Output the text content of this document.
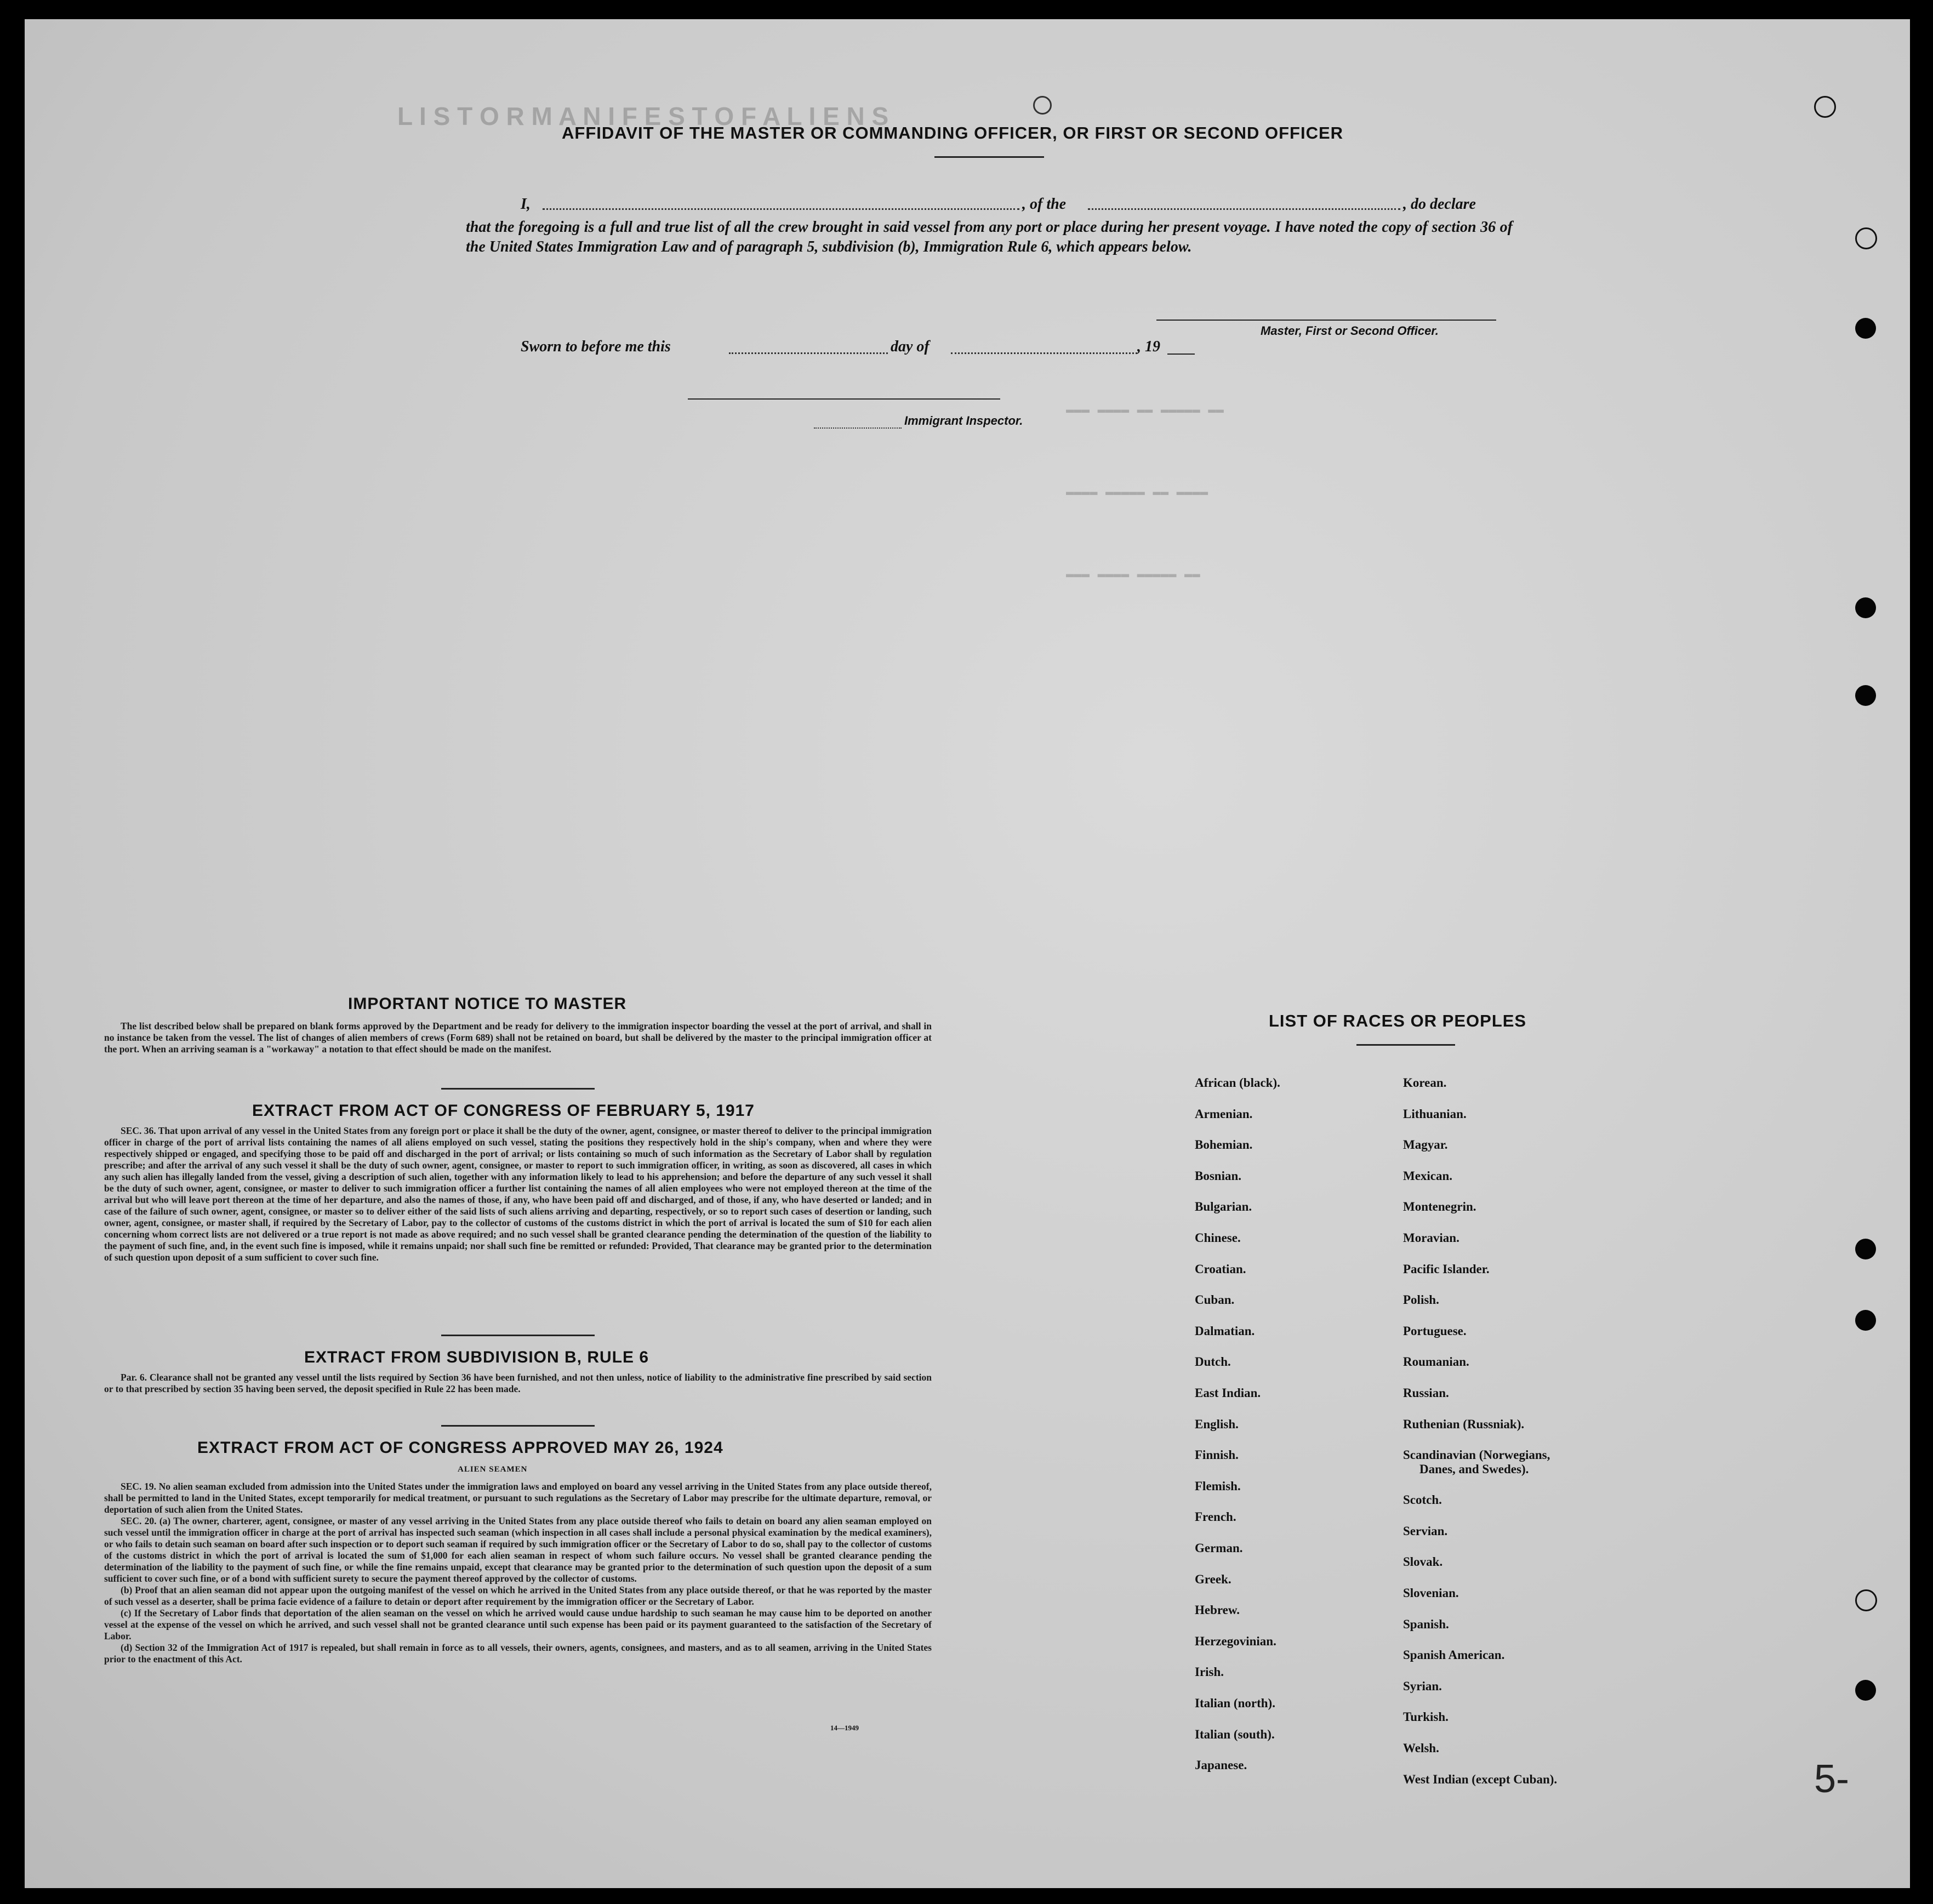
L I S T O R M A N I F E S T O F A L I E N S
▬▬▬ ▬▬▬▬ ▬▬ ▬▬▬▬▬ ▬▬
▬▬▬▬ ▬▬▬▬▬ ▬▬ ▬▬▬▬
▬▬▬ ▬▬▬▬ ▬▬▬▬▬ ▬▬
AFFIDAVIT OF THE MASTER OR COMMANDING OFFICER, OR FIRST OR SECOND OFFICER
I,	, of the	, do declare
that the foregoing is a full and true list of all the crew brought in said vessel from any port or place during her present voyage. I have noted the copy of section 36 of the United States Immigration Law and of paragraph 5, subdivision (b), Immigration Rule 6, which appears below.
Master, First or Second Officer.
Sworn to before me this	day of	, 19
Immigrant Inspector.
IMPORTANT NOTICE TO MASTER

The list described below shall be prepared on blank forms approved by the Department and be ready for delivery to the immigration inspector boarding the vessel at the port of arrival, and shall in no instance be taken from the vessel. The list of changes of alien members of crews (Form 689) shall not be retained on board, but shall be delivered by the master to the principal immigration officer at the port. When an arriving seaman is a "workaway" a notation to that effect should be made on the manifest.

EXTRACT FROM ACT OF CONGRESS OF FEBRUARY 5, 1917

SEC. 36. That upon arrival of any vessel in the United States from any foreign port or place it shall be the duty of the owner, agent, consignee, or master thereof to deliver to the principal immigration officer in charge of the port of arrival lists containing the names of all aliens employed on such vessel, stating the positions they respectively hold in the ship's company, when and where they were respectively shipped or engaged, and specifying those to be paid off and discharged in the port of arrival; or lists containing so much of such information as the Secretary of Labor shall by regulation prescribe; and after the arrival of any such vessel it shall be the duty of such owner, agent, consignee, or master to report to such immigration officer, in writing, as soon as discovered, all cases in which any such alien has illegally landed from the vessel, giving a description of such alien, together with any information likely to lead to his apprehension; and before the departure of any such vessel it shall be the duty of such owner, agent, consignee, or master to deliver to such immigration officer a further list containing the names of all alien employees who were not employed thereon at the time of the arrival but who will leave port thereon at the time of her departure, and also the names of those, if any, who have been paid off and discharged, and of those, if any, who have deserted or landed; and in case of the failure of such owner, agent, consignee, or master so to deliver either of the said lists of such aliens arriving and departing, respectively, or so to report such cases of desertion or landing, such owner, agent, consignee, or master shall, if required by the Secretary of Labor, pay to the collector of customs of the customs district in which the port of arrival is located the sum of $10 for each alien concerning whom correct lists are not delivered or a true report is not made as above required; and no such vessel shall be granted clearance pending the determination of the question of the liability to the payment of such fine, and, in the event such fine is imposed, while it remains unpaid; nor shall such fine be remitted or refunded: Provided, That clearance may be granted prior to the determination of such question upon deposit of a sum sufficient to cover such fine.

EXTRACT FROM SUBDIVISION B, RULE 6

Par. 6. Clearance shall not be granted any vessel until the lists required by Section 36 have been furnished, and not then unless, notice of liability to the administrative fine prescribed by said section or to that prescribed by section 35 having been served, the deposit specified in Rule 22 has been made.

EXTRACT FROM ACT OF CONGRESS APPROVED MAY 26, 1924
ALIEN SEAMEN

SEC. 19. No alien seaman excluded from admission into the United States under the immigration laws and employed on board any vessel arriving in the United States from any place outside thereof, shall be permitted to land in the United States, except temporarily for medical treatment, or pursuant to such regulations as the Secretary of Labor may prescribe for the ultimate departure, removal, or deportation of such alien from the United States.

SEC. 20. (a) The owner, charterer, agent, consignee, or master of any vessel arriving in the United States from any place outside thereof who fails to detain on board any alien seaman employed on such vessel until the immigration officer in charge at the port of arrival has inspected such seaman (which inspection in all cases shall include a personal physical examination by the medical examiners), or who fails to detain such seaman on board after such inspection or to deport such seaman if required by such immigration officer or the Secretary of Labor to do so, shall pay to the collector of customs of the customs district in which the port of arrival is located the sum of $1,000 for each alien seaman in respect of whom such failure occurs. No vessel shall be granted clearance pending the determination of the liability to the payment of such fine, or while the fine remains unpaid, except that clearance may be granted prior to the determination of such question upon the deposit of a sum sufficient to cover such fine, or of a bond with sufficient surety to secure the payment thereof approved by the collector of customs.

(b) Proof that an alien seaman did not appear upon the outgoing manifest of the vessel on which he arrived in the United States from any place outside thereof, or that he was reported by the master of such vessel as a deserter, shall be prima facie evidence of a failure to detain or deport after requirement by the immigration officer or the Secretary of Labor.

(c) If the Secretary of Labor finds that deportation of the alien seaman on the vessel on which he arrived would cause undue hardship to such seaman he may cause him to be deported on another vessel at the expense of the vessel on which he arrived, and such vessel shall not be granted clearance until such expense has been paid or its payment guaranteed to the satisfaction of the Secretary of Labor.

(d) Section 32 of the Immigration Act of 1917 is repealed, but shall remain in force as to all vessels, their owners, agents, consignees, and masters, and as to all seamen, arriving in the United States prior to the enactment of this Act.

14—1949
LIST OF RACES OR PEOPLES
5-
African (black).
Armenian.
Bohemian.
Bosnian.
Bulgarian.
Chinese.
Croatian.
Cuban.
Dalmatian.
Dutch.
East Indian.
English.
Finnish.
Flemish.
French.
German.
Greek.
Hebrew.
Herzegovinian.
Irish.
Italian (north).
Italian (south).
Japanese.
Korean.
Lithuanian.
Magyar.
Mexican.
Montenegrin.
Moravian.
Pacific Islander.
Polish.
Portuguese.
Roumanian.
Russian.
Ruthenian (Russniak).
Scandinavian (Norwegians,
Danes, and Swedes).
Scotch.
Servian.
Slovak.
Slovenian.
Spanish.
Spanish American.
Syrian.
Turkish.
Welsh.
West Indian (except Cuban).
